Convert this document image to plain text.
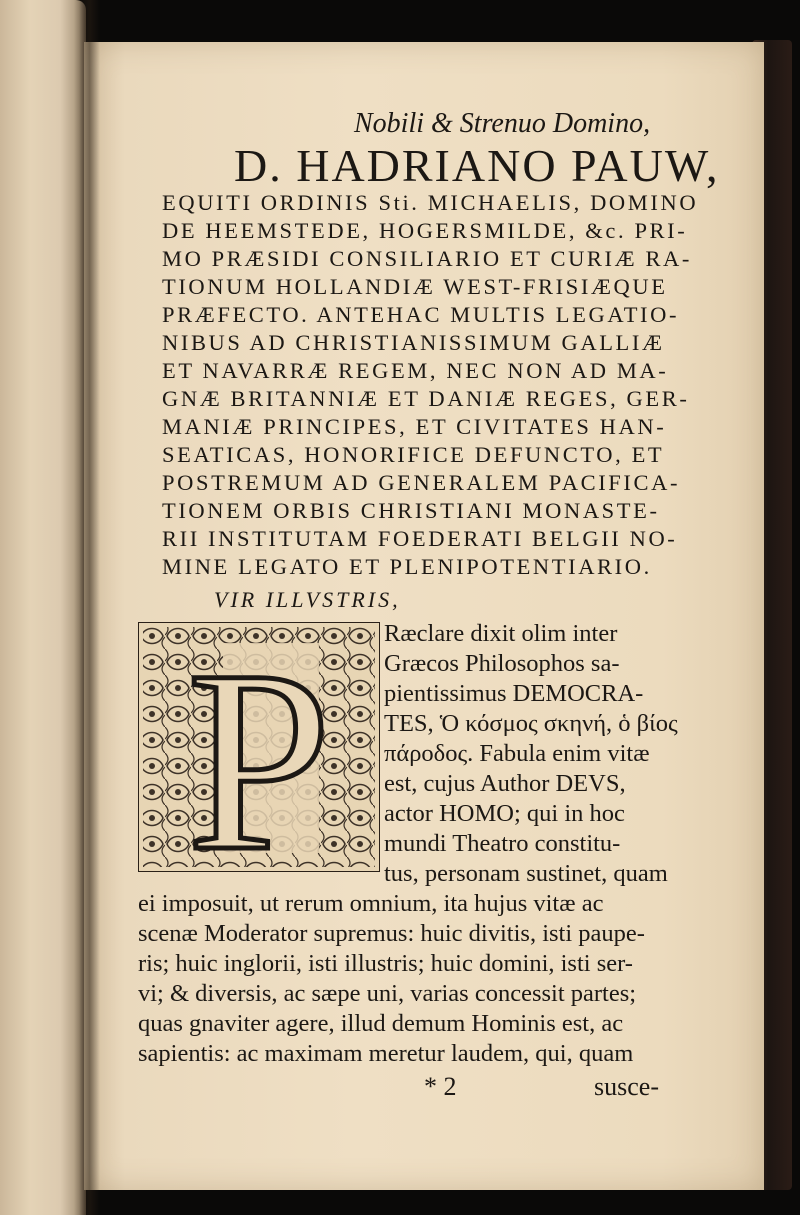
Nobili & Strenuo Domino,
D. HADRIANO PAUW,
EQUITI ORDINIS Sti. MICHAELIS, DOMINO
DE HEEMSTEDE, HOGERSMILDE, &c. PRI-
MO PRÆSIDI CONSILIARIO ET CURIÆ RA-
TIONUM HOLLANDIÆ WEST-FRISIÆQUE
PRÆFECTO. ANTEHAC MULTIS LEGATIO-
NIBUS AD CHRISTIANISSIMUM GALLIÆ
ET NAVARRÆ REGEM, NEC NON AD MA-
GNÆ BRITANNIÆ ET DANIÆ REGES, GER-
MANIÆ PRINCIPES, ET CIVITATES HAN-
SEATICAS, HONORIFICE DEFUNCTO, ET
POSTREMUM AD GENERALEM PACIFICA-
TIONEM ORBIS CHRISTIANI MONASTE-
RII INSTITUTAM FOEDERATI BELGII NO-
MINE LEGATO ET PLENIPOTENTIARIO.
VIR ILLVSTRIS,
P Ræclare dixit olim inter
Græcos Philosophos sa-
pientissimus DEMOCRA-
TES, Ὁ κόσμος σκηνή, ὁ βίος
πάροδος. Fabula enim vitæ
est, cujus Author DEVS,
actor HOMO; qui in hoc
mundi Theatro constitu-
tus, personam sustinet, quam
ei imposuit, ut rerum omnium, ita hujus vitæ ac
scenæ Moderator supremus: huic divitis, isti paupe-
ris; huic inglorii, isti illustris; huic domini, isti ser-
vi; & diversis, ac sæpe uni, varias concessit partes;
quas gnaviter agere, illud demum Hominis est, ac
sapientis: ac maximam meretur laudem, qui, quam
* 2	susce-
